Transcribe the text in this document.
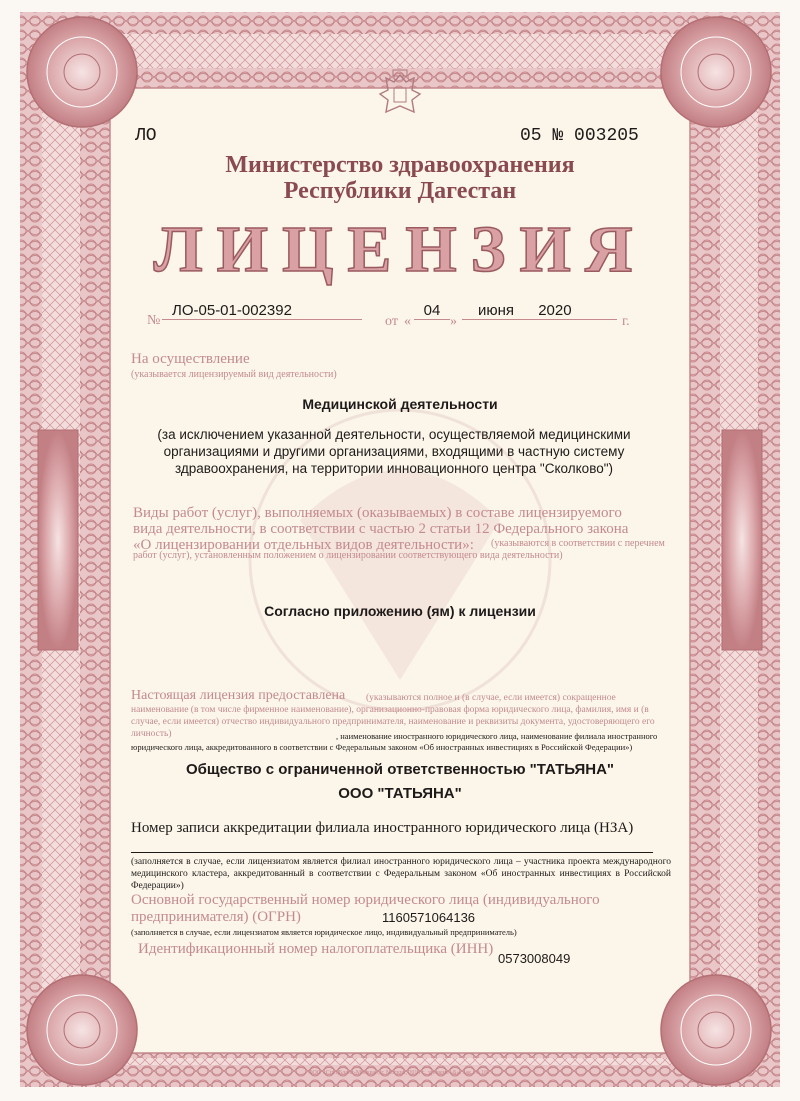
ЛО	05 № 003205
Министерство здравоохранения
Республики Дагестан
ЛИЦЕНЗИЯ
№
ЛО-05-01-002392
от «
04
»
июня 2020
г.
На осуществление
(указывается лицензируемый вид деятельности)
Медицинской деятельности
(за исключением указанной деятельности, осуществляемой медицинскими организациями и другими организациями, входящими в частную систему здравоохранения, на территории инновационного центра "Сколково")
Виды работ (услуг), выполняемых (оказываемых) в составе лицензируемого
вида деятельности, в соответствии с частью 2 статьи 12 Федерального закона
«О лицензировании отдельных видов деятельности»:	(указываются в соответствии с перечнем работ (услуг), установленным положением о лицензировании соответствующего вида деятельности)
Согласно приложению (ям) к лицензии
Настоящая лицензия предоставлена	(указываются полное и (в случае, если имеется) сокращенное наименование (в том числе фирменное наименование), организационно-правовая форма юридического лица, фамилия, имя и (в случае, если имеется) отчество индивидуального предпринимателя, наименование и реквизиты документа, удостоверяющего его личность)	, наименование иностранного юридического лица, наименование филиала иностранного юридического лица, аккредитованного в соответствии с Федеральным законом «Об иностранных инвестициях в Российской Федерации»)
Общество с ограниченной ответственностью "ТАТЬЯНА"
ООО "ТАТЬЯНА"
Номер записи аккредитации филиала иностранного юридического лица (НЗА)
(заполняется в случае, если лицензиатом является филиал иностранного юридического лица – участника проекта международного медицинского кластера, аккредитованный в соответствии с Федеральным законом «Об иностранных инвестициях в Российской Федерации»)
Основной государственный номер юридического лица (индивидуального
предпринимателя) (ОГРН)	1160571064136
(заполняется в случае, если лицензиатом является юридическое лицо, индивидуальный предприниматель)
Идентификационный номер налогоплательщика (ИНН)
0573008049
ООО «СпецБланк-Москва», г. Москва, 2019 г., уровень «Б». Зак. № 167.
